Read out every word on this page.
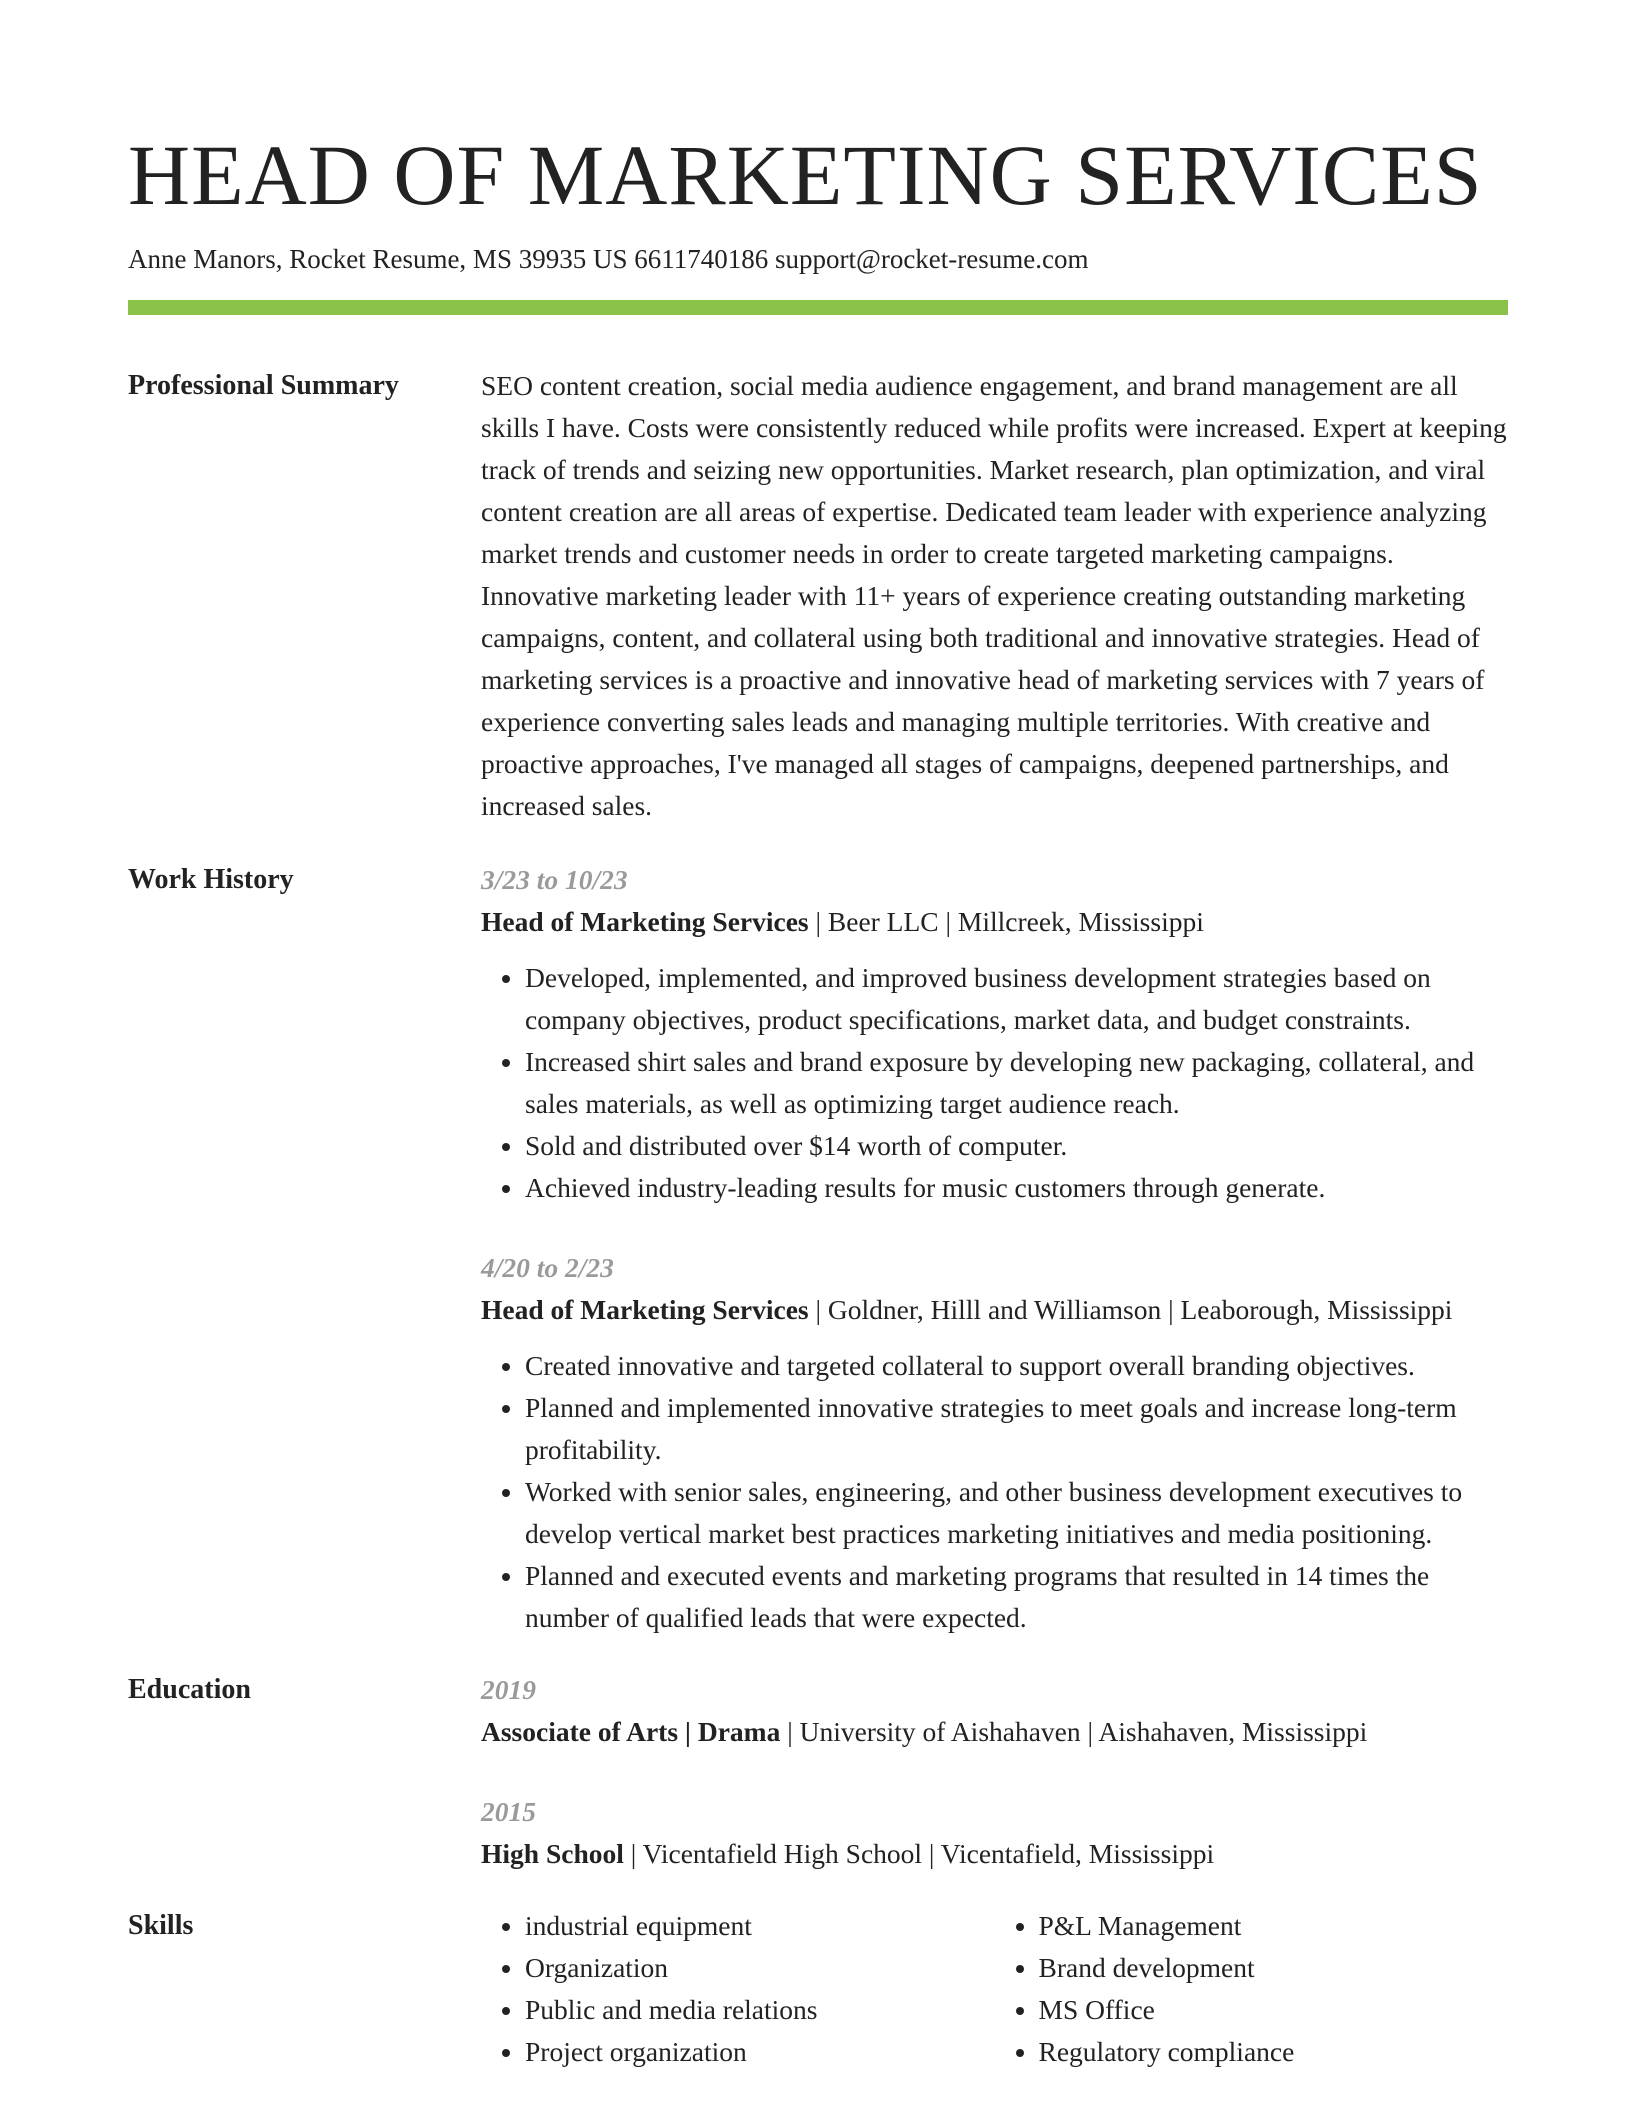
HEAD OF MARKETING SERVICES
Anne Manors, Rocket Resume, MS 39935 US 6611740186 support@rocket-resume.com
Professional Summary	SEO content creation, social media audience engagement, and brand management are all skills I have. Costs were consistently reduced while profits were increased. Expert at keeping track of trends and seizing new opportunities. Market research, plan optimization, and viral content creation are all areas of expertise. Dedicated team leader with experience analyzing market trends and customer needs in order to create targeted marketing campaigns. Innovative marketing leader with 11+ years of experience creating outstanding marketing campaigns, content, and collateral using both traditional and innovative strategies. Head of marketing services is a proactive and innovative head of marketing services with 7 years of experience converting sales leads and managing multiple territories. With creative and proactive approaches, I've managed all stages of campaigns, deepened partnerships, and increased sales.

Work History	3/23 to 10/23
Head of Marketing Services | Beer LLC | Millcreek, Mississippi
• Developed, implemented, and improved business development strategies based on company objectives, product specifications, market data, and budget constraints.
• Increased shirt sales and brand exposure by developing new packaging, collateral, and sales materials, as well as optimizing target audience reach.
• Sold and distributed over $14 worth of computer.
• Achieved industry-leading results for music customers through generate.
4/20 to 2/23
Head of Marketing Services | Goldner, Hilll and Williamson | Leaborough, Mississippi
• Created innovative and targeted collateral to support overall branding objectives.
• Planned and implemented innovative strategies to meet goals and increase long-term profitability.
• Worked with senior sales, engineering, and other business development executives to develop vertical market best practices marketing initiatives and media positioning.
• Planned and executed events and marketing programs that resulted in 14 times the number of qualified leads that were expected.
Education	2019
Associate of Arts | Drama | University of Aishahaven | Aishahaven, Mississippi
2015
High School | Vicentafield High School | Vicentafield, Mississippi
Skills
•	industrial equipment
• Organization
• Public and media relations
• Project organization
• P&L Management
• Brand development
• MS Office
• Regulatory compliance
